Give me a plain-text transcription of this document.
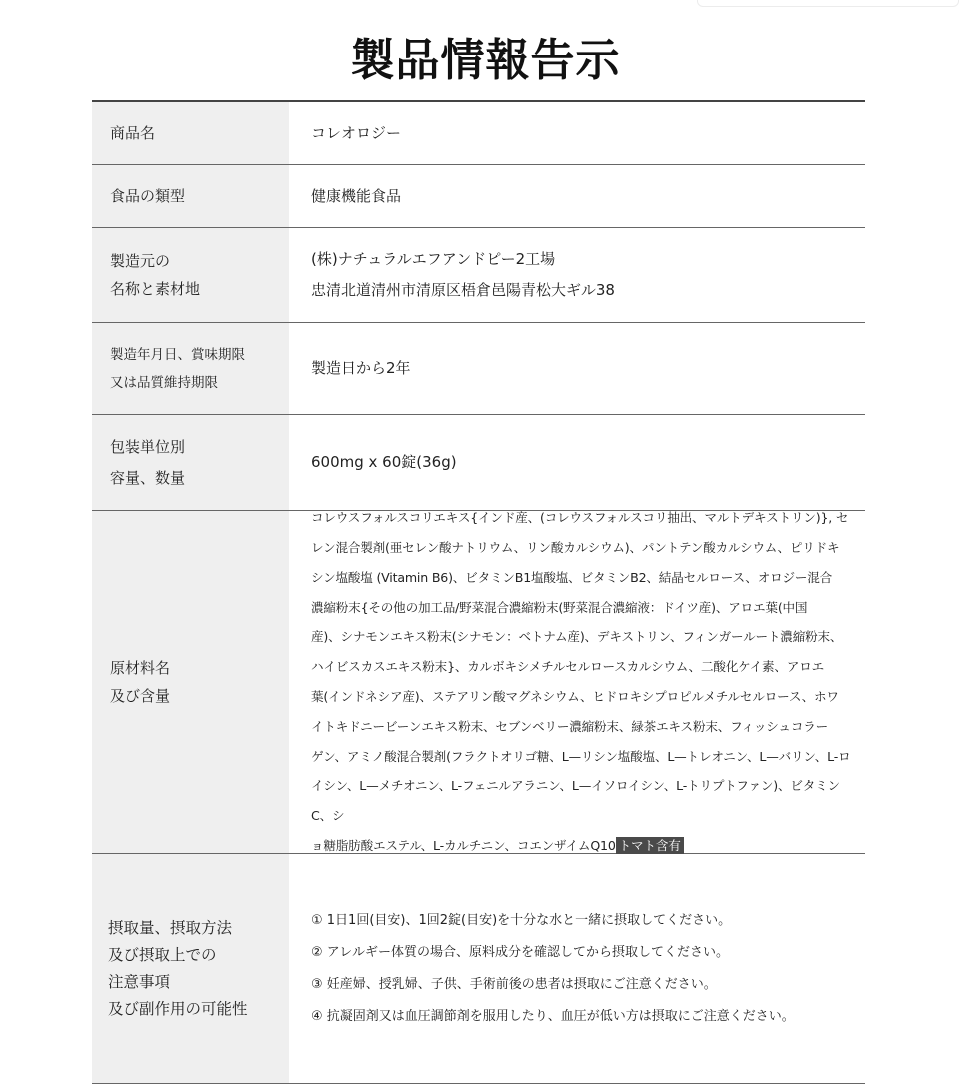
製品情報告示
商品名	コレオロジー
食品の類型	健康機能食品
製造元の
名称と素材地
(株)ナチュラルエフアンドピー2工場
忠清北道清州市清原区梧倉邑陽青松大ギル38
製造年月日、賞味期限
又は品質維持期限
製造日から2年
包装単位別
容量、数量
600mg x 60錠(36g)
原材料名
及び含量
コレウスフォルスコリエキス{インド産、(コレウスフォルスコリ抽出、マルトデキストリン)}, セ
レン混合製剤(亜セレン酸ナトリウム、リン酸カルシウム)、パントテン酸カルシウム、ピリドキ
シン塩酸塩 (Vitamin B6)、ビタミンB1塩酸塩、ビタミンB2、結晶セルロース、オロジー混合
濃縮粉末{その他の加工品/野菜混合濃縮粉末(野菜混合濃縮液：ドイツ産)、アロエ葉(中国
産)、シナモンエキス粉末(シナモン：ベトナム産)、デキストリン、フィンガールート濃縮粉末、
ハイビスカスエキス粉末}、カルボキシメチルセルロースカルシウム、二酸化ケイ素、アロエ
葉(インドネシア産)、ステアリン酸マグネシウム、ヒドロキシプロピルメチルセルロース、ホワ
イトキドニービーンエキス粉末、セブンベリー濃縮粉末、緑茶エキス粉末、フィッシュコラー
ゲン、アミノ酸混合製剤(フラクトオリゴ糖、L—リシン塩酸塩、L—トレオニン、L—バリン、L-ロ
イシン、L—メチオニン、L-フェニルアラニン、L—イソロイシン、L-トリプトファン)、ビタミンC、シ
ョ糖脂肪酸エステル、L-カルチニン、コエンザイムQ10 トマト含有
摂取量、摂取方法
及び摂取上での
注意事項
及び副作用の可能性
① 1日1回(目安)、1回2錠(目安)を十分な水と一緒に摂取してください。
② アレルギー体質の場合、原料成分を確認してから摂取してください。
③ 妊産婦、授乳婦、子供、手術前後の患者は摂取にご注意ください。
④ 抗凝固剤又は血圧調節剤を服用したり、血圧が低い方は摂取にご注意ください。
